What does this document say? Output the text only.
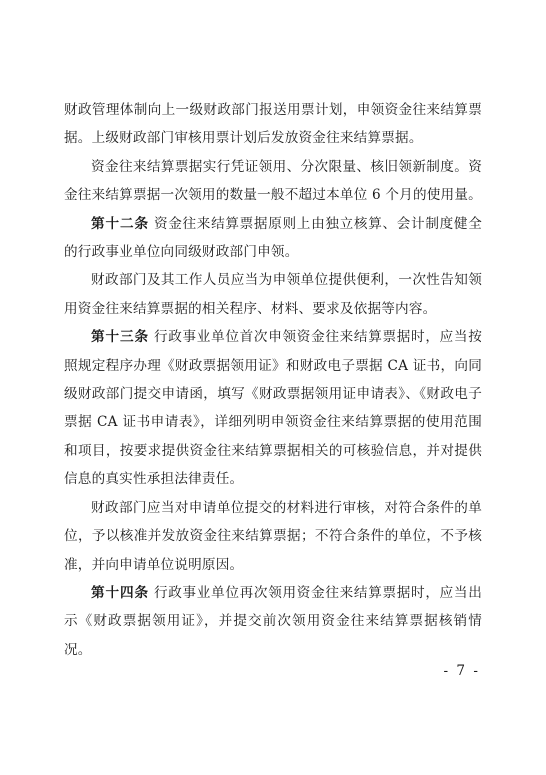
财政管理体制向上一级财政部门报送用票计划，申领资金往来结算票据。上级财政部门审核用票计划后发放资金往来结算票据。

资金往来结算票据实行凭证领用、分次限量、核旧领新制度。资金往来结算票据一次领用的数量一般不超过本单位 6 个月的使用量。

第十二条 资金往来结算票据原则上由独立核算、会计制度健全的行政事业单位向同级财政部门申领。

财政部门及其工作人员应当为申领单位提供便利，一次性告知领用资金往来结算票据的相关程序、材料、要求及依据等内容。

第十三条 行政事业单位首次申领资金往来结算票据时，应当按照规定程序办理《财政票据领用证》和财政电子票据 CA 证书，向同级财政部门提交申请函，填写《财政票据领用证申请表》、《财政电子票据 CA 证书申请表》，详细列明申领资金往来结算票据的使用范围和项目，按要求提供资金往来结算票据相关的可核验信息，并对提供信息的真实性承担法律责任。

财政部门应当对申请单位提交的材料进行审核，对符合条件的单位，予以核准并发放资金往来结算票据；不符合条件的单位，不予核准，并向申请单位说明原因。

第十四条 行政事业单位再次领用资金往来结算票据时，应当出示《财政票据领用证》，并提交前次领用资金往来结算票据核销情况。

- 7 -
